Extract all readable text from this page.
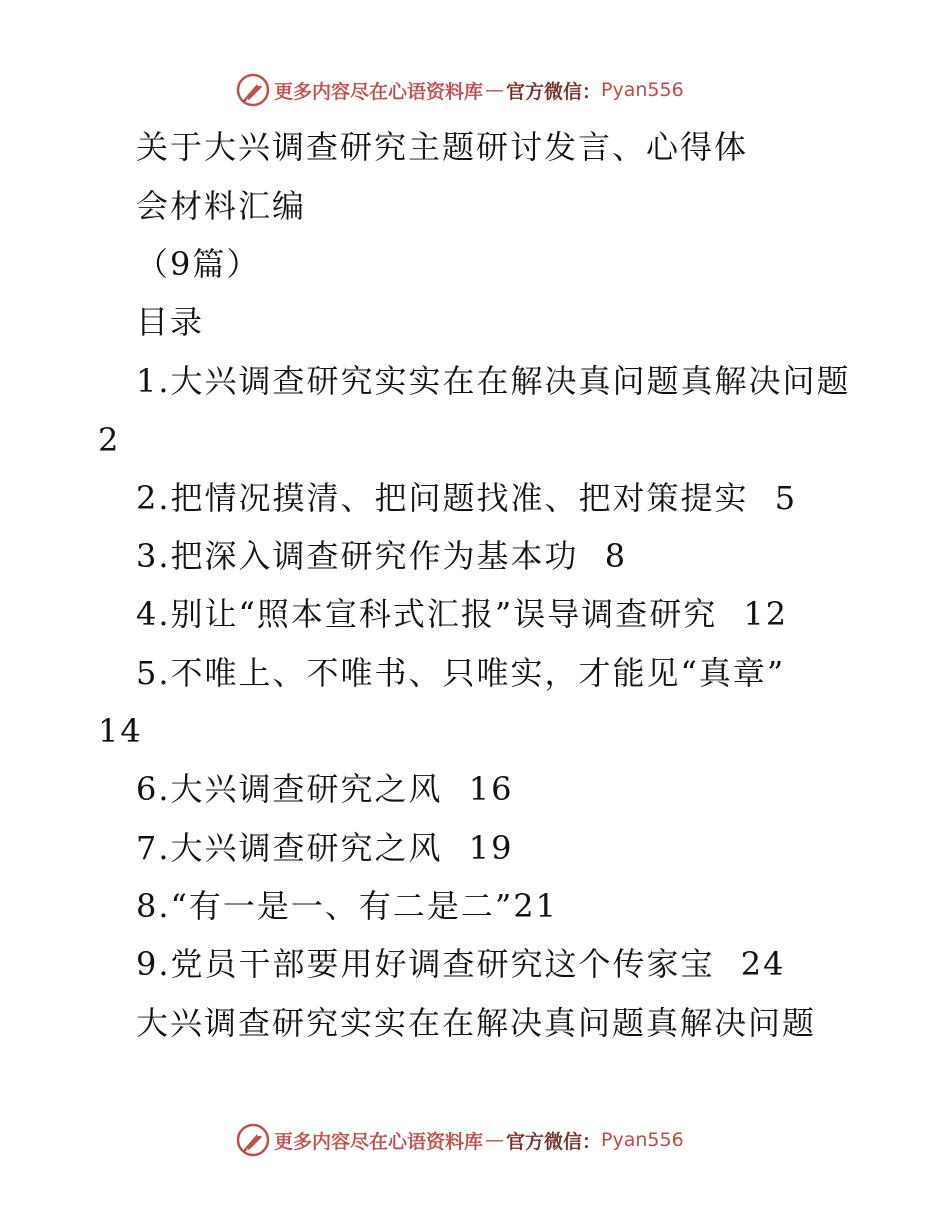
更多内容尽在心语资料库 — 官方微信： Pyan556
关于大兴调查研究主题研讨发言、心得体
会材料汇编
（9篇）
目录
1.大兴调查研究实实在在解决真问题真解决问题
2
2.把情况摸清、把问题找准、把对策提实 5
3.把深入调查研究作为基本功 8
4.别让“照本宣科式汇报”误导调查研究 12
5.不唯上、不唯书、只唯实，才能见“真章”
14
6.大兴调查研究之风 16
7.大兴调查研究之风 19
8.“有一是一、有二是二”21
9.党员干部要用好调查研究这个传家宝 24
大兴调查研究实实在在解决真问题真解决问题
更多内容尽在心语资料库 — 官方微信： Pyan556
